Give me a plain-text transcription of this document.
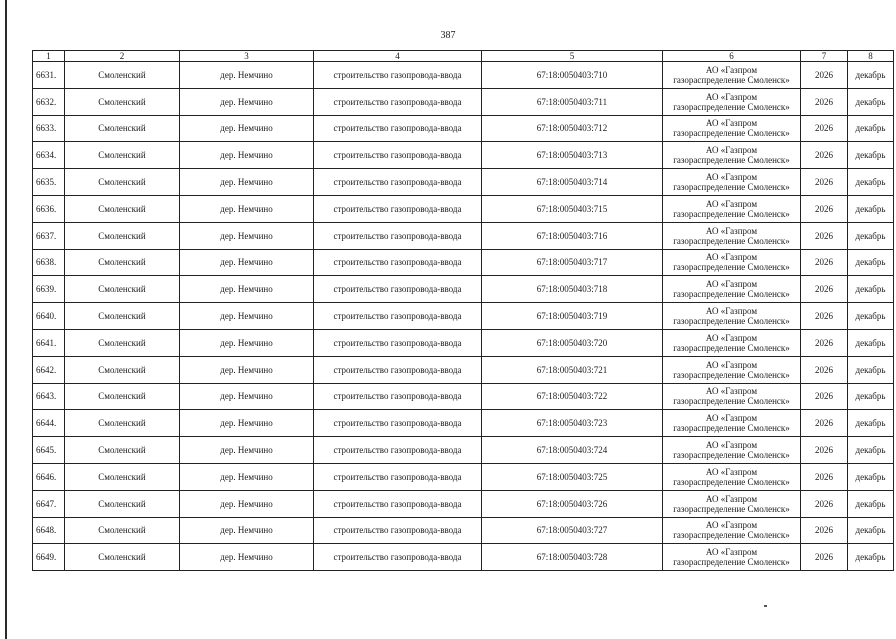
387
1	2	3	4	5	6	7	8
6631.	Смоленский	дер. Немчино	строительство газопровода-ввода	67:18:0050403:710	АО «Газпром
газораспределение Смоленск»	2026	декабрь
6632.	Смоленский	дер. Немчино	строительство газопровода-ввода	67:18:0050403:711	АО «Газпром
газораспределение Смоленск»	2026	декабрь
6633.	Смоленский	дер. Немчино	строительство газопровода-ввода	67:18:0050403:712	АО «Газпром
газораспределение Смоленск»	2026	декабрь
6634.	Смоленский	дер. Немчино	строительство газопровода-ввода	67:18:0050403:713	АО «Газпром
газораспределение Смоленск»	2026	декабрь
6635.	Смоленский	дер. Немчино	строительство газопровода-ввода	67:18:0050403:714	АО «Газпром
газораспределение Смоленск»	2026	декабрь
6636.	Смоленский	дер. Немчино	строительство газопровода-ввода	67:18:0050403:715	АО «Газпром
газораспределение Смоленск»	2026	декабрь
6637.	Смоленский	дер. Немчино	строительство газопровода-ввода	67:18:0050403:716	АО «Газпром
газораспределение Смоленск»	2026	декабрь
6638.	Смоленский	дер. Немчино	строительство газопровода-ввода	67:18:0050403:717	АО «Газпром
газораспределение Смоленск»	2026	декабрь
6639.	Смоленский	дер. Немчино	строительство газопровода-ввода	67:18:0050403:718	АО «Газпром
газораспределение Смоленск»	2026	декабрь
6640.	Смоленский	дер. Немчино	строительство газопровода-ввода	67:18:0050403:719	АО «Газпром
газораспределение Смоленск»	2026	декабрь
6641.	Смоленский	дер. Немчино	строительство газопровода-ввода	67:18:0050403:720	АО «Газпром
газораспределение Смоленск»	2026	декабрь
6642.	Смоленский	дер. Немчино	строительство газопровода-ввода	67:18:0050403:721	АО «Газпром
газораспределение Смоленск»	2026	декабрь
6643.	Смоленский	дер. Немчино	строительство газопровода-ввода	67:18:0050403:722	АО «Газпром
газораспределение Смоленск»	2026	декабрь
6644.	Смоленский	дер. Немчино	строительство газопровода-ввода	67:18:0050403:723	АО «Газпром
газораспределение Смоленск»	2026	декабрь
6645.	Смоленский	дер. Немчино	строительство газопровода-ввода	67:18:0050403:724	АО «Газпром
газораспределение Смоленск»	2026	декабрь
6646.	Смоленский	дер. Немчино	строительство газопровода-ввода	67:18:0050403:725	АО «Газпром
газораспределение Смоленск»	2026	декабрь
6647.	Смоленский	дер. Немчино	строительство газопровода-ввода	67:18:0050403:726	АО «Газпром
газораспределение Смоленск»	2026	декабрь
6648.	Смоленский	дер. Немчино	строительство газопровода-ввода	67:18:0050403:727	АО «Газпром
газораспределение Смоленск»	2026	декабрь
6649.	Смоленский	дер. Немчино	строительство газопровода-ввода	67:18:0050403:728	АО «Газпром
газораспределение Смоленск»	2026	декабрь
